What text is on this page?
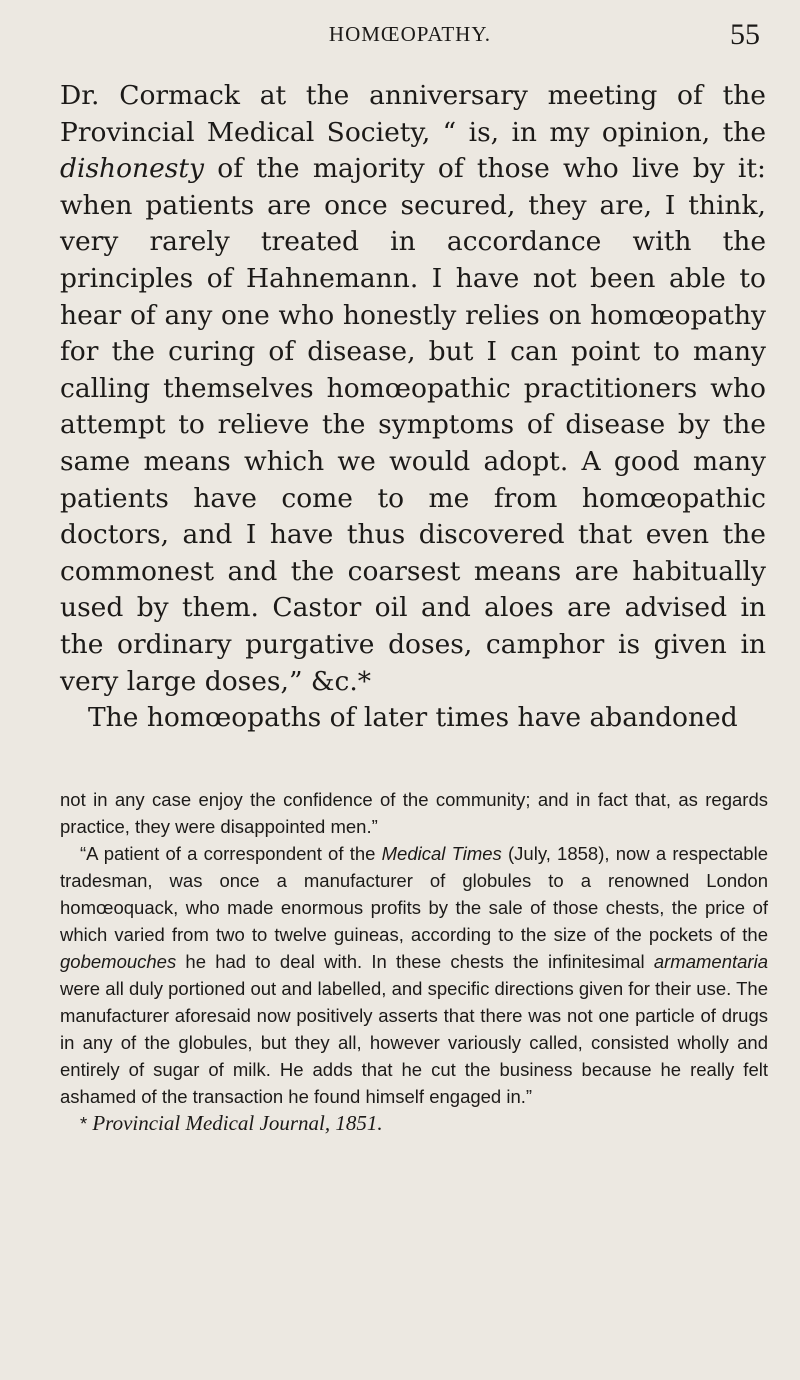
HOMŒOPATHY.	55

Dr. Cormack at the anniversary meeting of the Provincial Medical Society, “ is, in my opinion, the dishonesty of the majority of those who live by it: when patients are once secured, they are, I think, very rarely treated in accordance with the principles of Hahnemann. I have not been able to hear of any one who honestly relies on homœopathy for the curing of disease, but I can point to many calling themselves homœopathic practitioners who attempt to relieve the symptoms of disease by the same means which we would adopt. A good many patients have come to me from homœopathic doctors, and I have thus discovered that even the commonest and the coarsest means are habitually used by them. Castor oil and aloes are advised in the ordinary purgative doses, camphor is given in very large doses,” &c.*

The homœopaths of later times have abandoned

not in any case enjoy the confidence of the community; and in fact that, as regards practice, they were disappointed men.”

“A patient of a correspondent of the Medical Times (July, 1858), now a respectable tradesman, was once a manufacturer of globules to a renowned London homœoquack, who made enormous profits by the sale of those chests, the price of which varied from two to twelve guineas, according to the size of the pockets of the gobemouches he had to deal with. In these chests the infinitesimal armamentaria were all duly portioned out and labelled, and specific directions given for their use. The manufacturer aforesaid now positively asserts that there was not one particle of drugs in any of the globules, but they all, however variously called, consisted wholly and entirely of sugar of milk. He adds that he cut the business because he really felt ashamed of the transaction he found himself engaged in.”

* Provincial Medical Journal, 1851.
